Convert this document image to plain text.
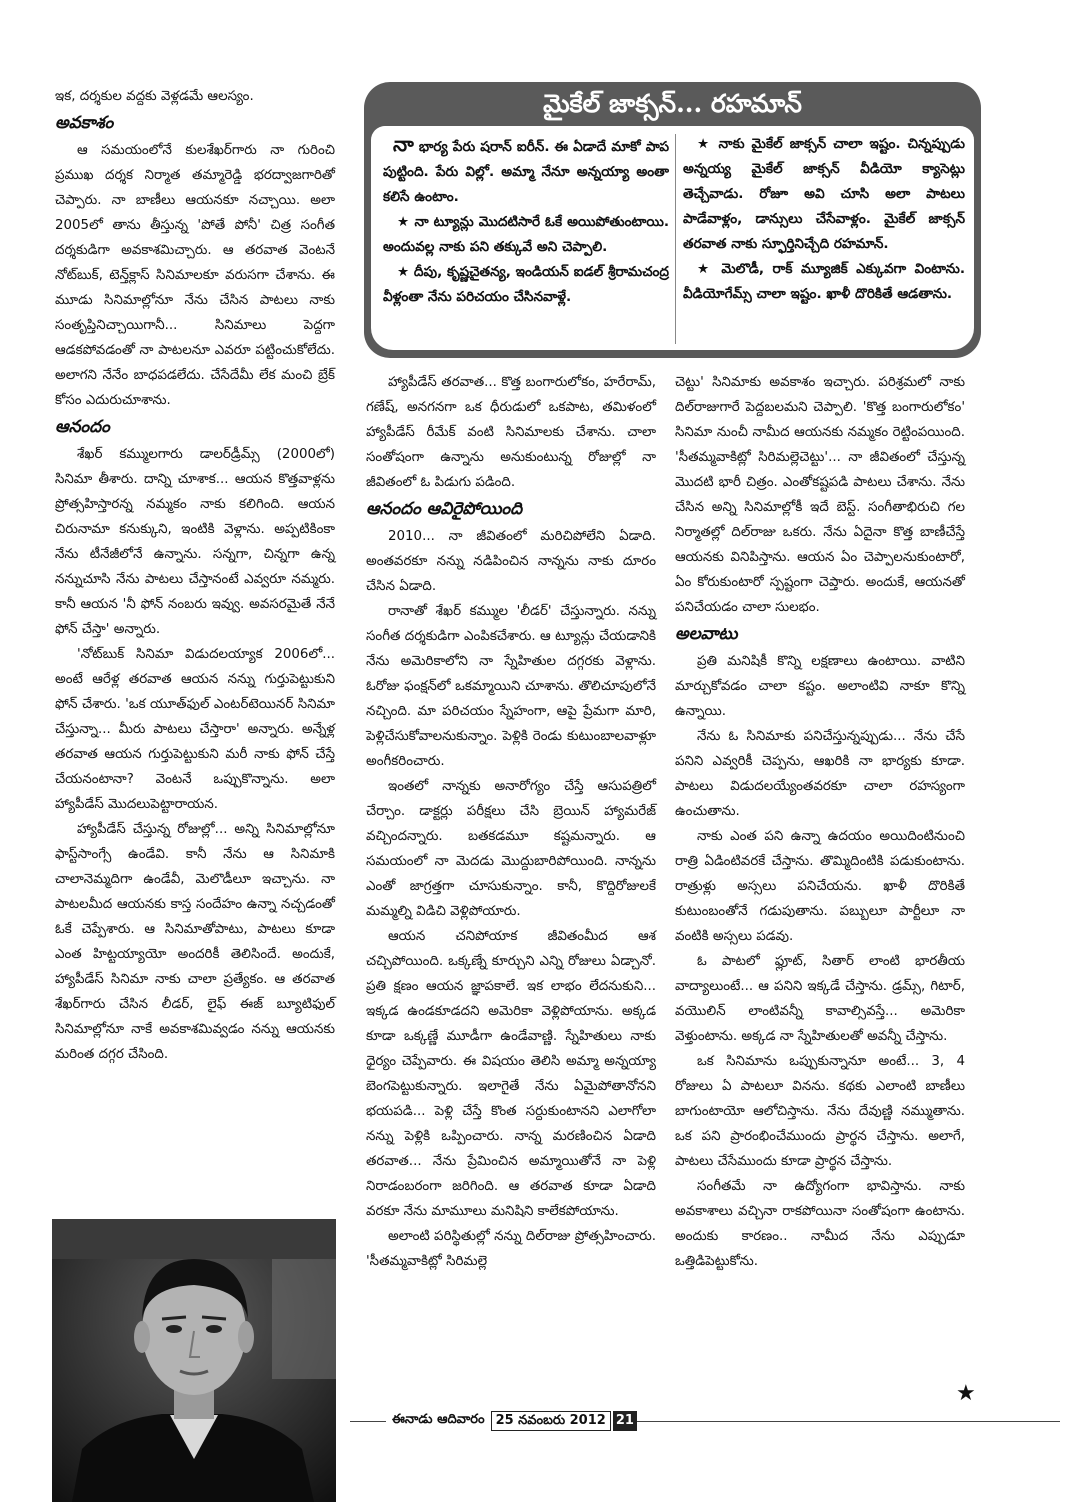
ఇక, దర్శకుల వద్దకు వెళ్లడమే ఆలస్యం.

అవకాశం

ఆ సమయంలోనే కులశేఖర్‌గారు నా గురించి ప్రముఖ దర్శక నిర్మాత తమ్మారెడ్డి భరద్వాజగారితో చెప్పారు. నా బాణీలు ఆయనకూ నచ్చాయి. అలా 2005లో తాను తీస్తున్న 'పోతే పోనీ' చిత్ర సంగీత దర్శకుడిగా అవకాశమిచ్చారు. ఆ తరవాత వెంటనే నోట్‌బుక్, టెన్త్‌క్లాస్ సినిమాలకూ వరుసగా చేశాను. ఈ మూడు సినిమాల్లోనూ నేను చేసిన పాటలు నాకు సంతృప్తినిచ్చాయిగానీ... సినిమాలు పెద్దగా ఆడకపోవడంతో నా పాటలనూ ఎవరూ పట్టించుకోలేదు. అలాగని నేనేం బాధపడలేదు. చేసేదేమీ లేక మంచి బ్రేక్ కోసం ఎదురుచూశాను.

ఆనందం

శేఖర్ కమ్ములగారు డాలర్‌డ్రీమ్స్ (2000లో) సినిమా తీశారు. దాన్ని చూశాక... ఆయన కొత్తవాళ్లను ప్రోత్సహిస్తారన్న నమ్మకం నాకు కలిగింది. ఆయన చిరునామా కనుక్కుని, ఇంటికి వెళ్లాను. అప్పటికింకా నేను టీనేజీలోనే ఉన్నాను. సన్నగా, చిన్నగా ఉన్న నన్నుచూసి నేను పాటలు చేస్తానంటే ఎవ్వరూ నమ్మరు. కానీ ఆయన 'నీ ఫోన్ నంబరు ఇవ్వు. అవసరమైతే నేనే ఫోన్ చేస్తా' అన్నారు.

'నోట్‌బుక్ సినిమా విడుదలయ్యాక 2006లో... అంటే ఆరేళ్ల తరవాత ఆయన నన్ను గుర్తుపెట్టుకుని ఫోన్ చేశారు. 'ఒక యూత్‌ఫుల్ ఎంటర్‌టెయినర్ సినిమా చేస్తున్నా... మీరు పాటలు చేస్తారా' అన్నారు. అన్నేళ్ల తరవాత ఆయన గుర్తుపెట్టుకుని మరీ నాకు ఫోన్ చేస్తే చేయనంటానా? వెంటనే ఒప్పుకొన్నాను. అలా హ్యాపీడేస్ మొదలుపెట్టారాయన.

హ్యాపీడేస్ చేస్తున్న రోజుల్లో... అన్ని సినిమాల్లోనూ ఫాస్ట్‌సాంగ్సే ఉండేవి. కానీ నేను ఆ సినిమాకి చాలానెమ్మదిగా ఉండేవీ, మెలొడీలూ ఇచ్చాను. నా పాటలమీద ఆయనకు కాస్త సందేహం ఉన్నా నచ్చడంతో ఓకే చెప్పేశారు. ఆ సినిమాతోపాటు, పాటలు కూడా ఎంత హిట్టయ్యాయో అందరికీ తెలిసిందే. అందుకే, హ్యాపీడేస్ సినిమా నాకు చాలా ప్రత్యేకం. ఆ తరవాత శేఖర్‌గారు చేసిన లీడర్, లైఫ్ ఈజ్ బ్యూటిఫుల్ సినిమాల్లోనూ నాకే అవకాశమివ్వడం నన్ను ఆయనకు మరింత దగ్గర చేసింది.

మైకేల్ జాక్సన్... రహమాన్

నా భార్య పేరు షరాన్ ఐరీన్. ఈ ఏడాదే మాకో పాప పుట్టింది. పేరు విల్లో. అమ్మా నేనూ అన్నయ్యా అంతా కలిసే ఉంటాం.

★ నా ట్యూన్లు మొదటిసారే ఓకే అయిపోతుంటాయి. అందువల్ల నాకు పని తక్కువే అని చెప్పాలి.

★ దీపు, కృష్ణచైతన్య, ఇండియన్ ఐడల్ శ్రీరామచంద్ర వీళ్లంతా నేను పరిచయం చేసినవాళ్లే.

★ నాకు మైకేల్ జాక్సన్ చాలా ఇష్టం. చిన్నప్పుడు అన్నయ్య మైకేల్ జాక్సన్ వీడియో క్యాసెట్లు తెచ్చేవాడు. రోజూ అవి చూసి అలా పాటలు పాడేవాళ్లం, డాన్సులు చేసేవాళ్లం. మైకేల్ జాక్సన్ తరవాత నాకు స్ఫూర్తినిచ్చేది రహమాన్.

★ మెలొడీ, రాక్ మ్యూజిక్ ఎక్కువగా వింటాను. వీడియోగేమ్స్ చాలా ఇష్టం. ఖాళీ దొరికితే ఆడతాను.

హ్యాపీడేస్ తరవాత... కొత్త బంగారులోకం, హరేరామ్, గణేష్, అనగనగా ఒక ధీరుడులో ఒకపాట, తమిళంలో హ్యాపీడేస్ రీమేక్ వంటి సినిమాలకు చేశాను. చాలా సంతోషంగా ఉన్నాను అనుకుంటున్న రోజుల్లో నా జీవితంలో ఓ పిడుగు పడింది.

ఆనందం ఆవిరైపోయింది

2010... నా జీవితంలో మరిచిపోలేని ఏడాది. అంతవరకూ నన్ను నడిపించిన నాన్నను నాకు దూరం చేసిన ఏడాది.

రానాతో శేఖర్ కమ్ముల 'లీడర్' చేస్తున్నారు. నన్ను సంగీత దర్శకుడిగా ఎంపికచేశారు. ఆ ట్యూన్లు చేయడానికి నేను అమెరికాలోని నా స్నేహితుల దగ్గరకు వెళ్లాను. ఓరోజు ఫంక్షన్‌లో ఒకమ్మాయిని చూశాను. తొలిచూపులోనే నచ్చింది. మా పరిచయం స్నేహంగా, ఆపై ప్రేమగా మారి, పెళ్లిచేసుకోవాలనుకున్నాం. పెళ్లికి రెండు కుటుంబాలవాళ్లూ అంగీకరించారు.

ఇంతలో నాన్నకు అనారోగ్యం చేస్తే ఆసుపత్రిలో చేర్చాం. డాక్టర్లు పరీక్షలు చేసి బ్రెయిన్ హ్యామరేజ్ వచ్చిందన్నారు. బతకడమూ కష్టమన్నారు. ఆ సమయంలో నా మెదడు మొద్దుబారిపోయింది. నాన్నను ఎంతో జాగ్రత్తగా చూసుకున్నాం. కానీ, కొద్దిరోజులకే మమ్మల్ని విడిచి వెళ్లిపోయారు.

ఆయన చనిపోయాక జీవితంమీద ఆశ చచ్చిపోయింది. ఒక్కణ్నే కూర్చుని ఎన్ని రోజులు ఏడ్చానో. ప్రతి క్షణం ఆయన జ్ఞాపకాలే. ఇక లాభం లేదనుకుని... ఇక్కడ ఉండకూడదని అమెరికా వెళ్లిపోయాను. అక్కడ కూడా ఒక్కణ్ణే మూడీగా ఉండేవాణ్ణి. స్నేహితులు నాకు ధైర్యం చెప్పేవారు. ఈ విషయం తెలిసి అమ్మా అన్నయ్యా బెంగపెట్టుకున్నారు. ఇలాగైతే నేను ఏమైపోతానోనని భయపడి... పెళ్లి చేస్తే కొంత సర్దుకుంటానని ఎలాగోలా నన్ను పెళ్లికి ఒప్పించారు. నాన్న మరణించిన ఏడాది తరవాత... నేను ప్రేమించిన అమ్మాయితోనే నా పెళ్లి నిరాడంబరంగా జరిగింది. ఆ తరవాత కూడా ఏడాది వరకూ నేను మామూలు మనిషిని కాలేకపోయాను.

అలాంటి పరిస్థితుల్లో నన్ను దిల్‌రాజు ప్రోత్సహించారు. 'సీతమ్మవాకిట్లో సిరిమల్లె

చెట్టు' సినిమాకు అవకాశం ఇచ్చారు. పరిశ్రమలో నాకు దిల్‌రాజుగారే పెద్దబలమని చెప్పాలి. 'కొత్త బంగారులోకం' సినిమా నుంచీ నామీద ఆయనకు నమ్మకం రెట్టింపయింది. 'సీతమ్మవాకిట్లో సిరిమల్లెచెట్టు'... నా జీవితంలో చేస్తున్న మొదటి భారీ చిత్రం. ఎంతోకష్టపడి పాటలు చేశాను. నేను చేసిన అన్ని సినిమాల్లోకీ ఇదే బెస్ట్. సంగీతాభిరుచి గల నిర్మాతల్లో దిల్‌రాజు ఒకరు. నేను ఏదైనా కొత్త బాణీచేస్తే ఆయనకు వినిపిస్తాను. ఆయన ఏం చెప్పాలనుకుంటారో, ఏం కోరుకుంటారో స్పష్టంగా చెప్తారు. అందుకే, ఆయనతో పనిచేయడం చాలా సులభం.

అలవాటు

ప్రతి మనిషికీ కొన్ని లక్షణాలు ఉంటాయి. వాటిని మార్చుకోవడం చాలా కష్టం. అలాంటివి నాకూ కొన్ని ఉన్నాయి.

నేను ఓ సినిమాకు పనిచేస్తున్నప్పుడు... నేను చేసే పనిని ఎవ్వరికీ చెప్పను, ఆఖరికి నా భార్యకు కూడా. పాటలు విడుదలయ్యేంతవరకూ చాలా రహస్యంగా ఉంచుతాను.

నాకు ఎంత పని ఉన్నా ఉదయం అయిదింటినుంచి రాత్రి ఏడింటివరకే చేస్తాను. తొమ్మిదింటికి పడుకుంటాను. రాత్రుళ్లు అస్సలు పనిచేయను. ఖాళీ దొరికితే కుటుంబంతోనే గడుపుతాను. పబ్బులూ పార్టీలూ నా వంటికి అస్సలు పడవు.

ఓ పాటలో ఫ్లూట్, సితార్ లాంటి భారతీయ వాద్యాలుంటే... ఆ పనిని ఇక్కడే చేస్తాను. డ్రమ్స్, గిటార్, వయొలిన్ లాంటివన్నీ కావాల్సివస్తే... అమెరికా వెళ్తుంటాను. అక్కడ నా స్నేహితులతో అవన్నీ చేస్తాను.

ఒక సినిమాను ఒప్పుకున్నానూ అంటే... 3, 4 రోజులు ఏ పాటలూ వినను. కథకు ఎలాంటి బాణీలు బాగుంటాయో ఆలోచిస్తాను. నేను దేవుణ్ణి నమ్ముతాను. ఒక పని ప్రారంభించేముందు ప్రార్థన చేస్తాను. అలాగే, పాటలు చేసేముందు కూడా ప్రార్థన చేస్తాను.

సంగీతమే నా ఉద్యోగంగా భావిస్తాను. నాకు అవకాశాలు వచ్చినా రాకపోయినా సంతోషంగా ఉంటాను. అందుకు కారణం.. నామీద నేను ఎప్పుడూ ఒత్తిడిపెట్టుకోను.

★
ఈనాడు ఆదివారం 25 నవంబరు 2012 21
